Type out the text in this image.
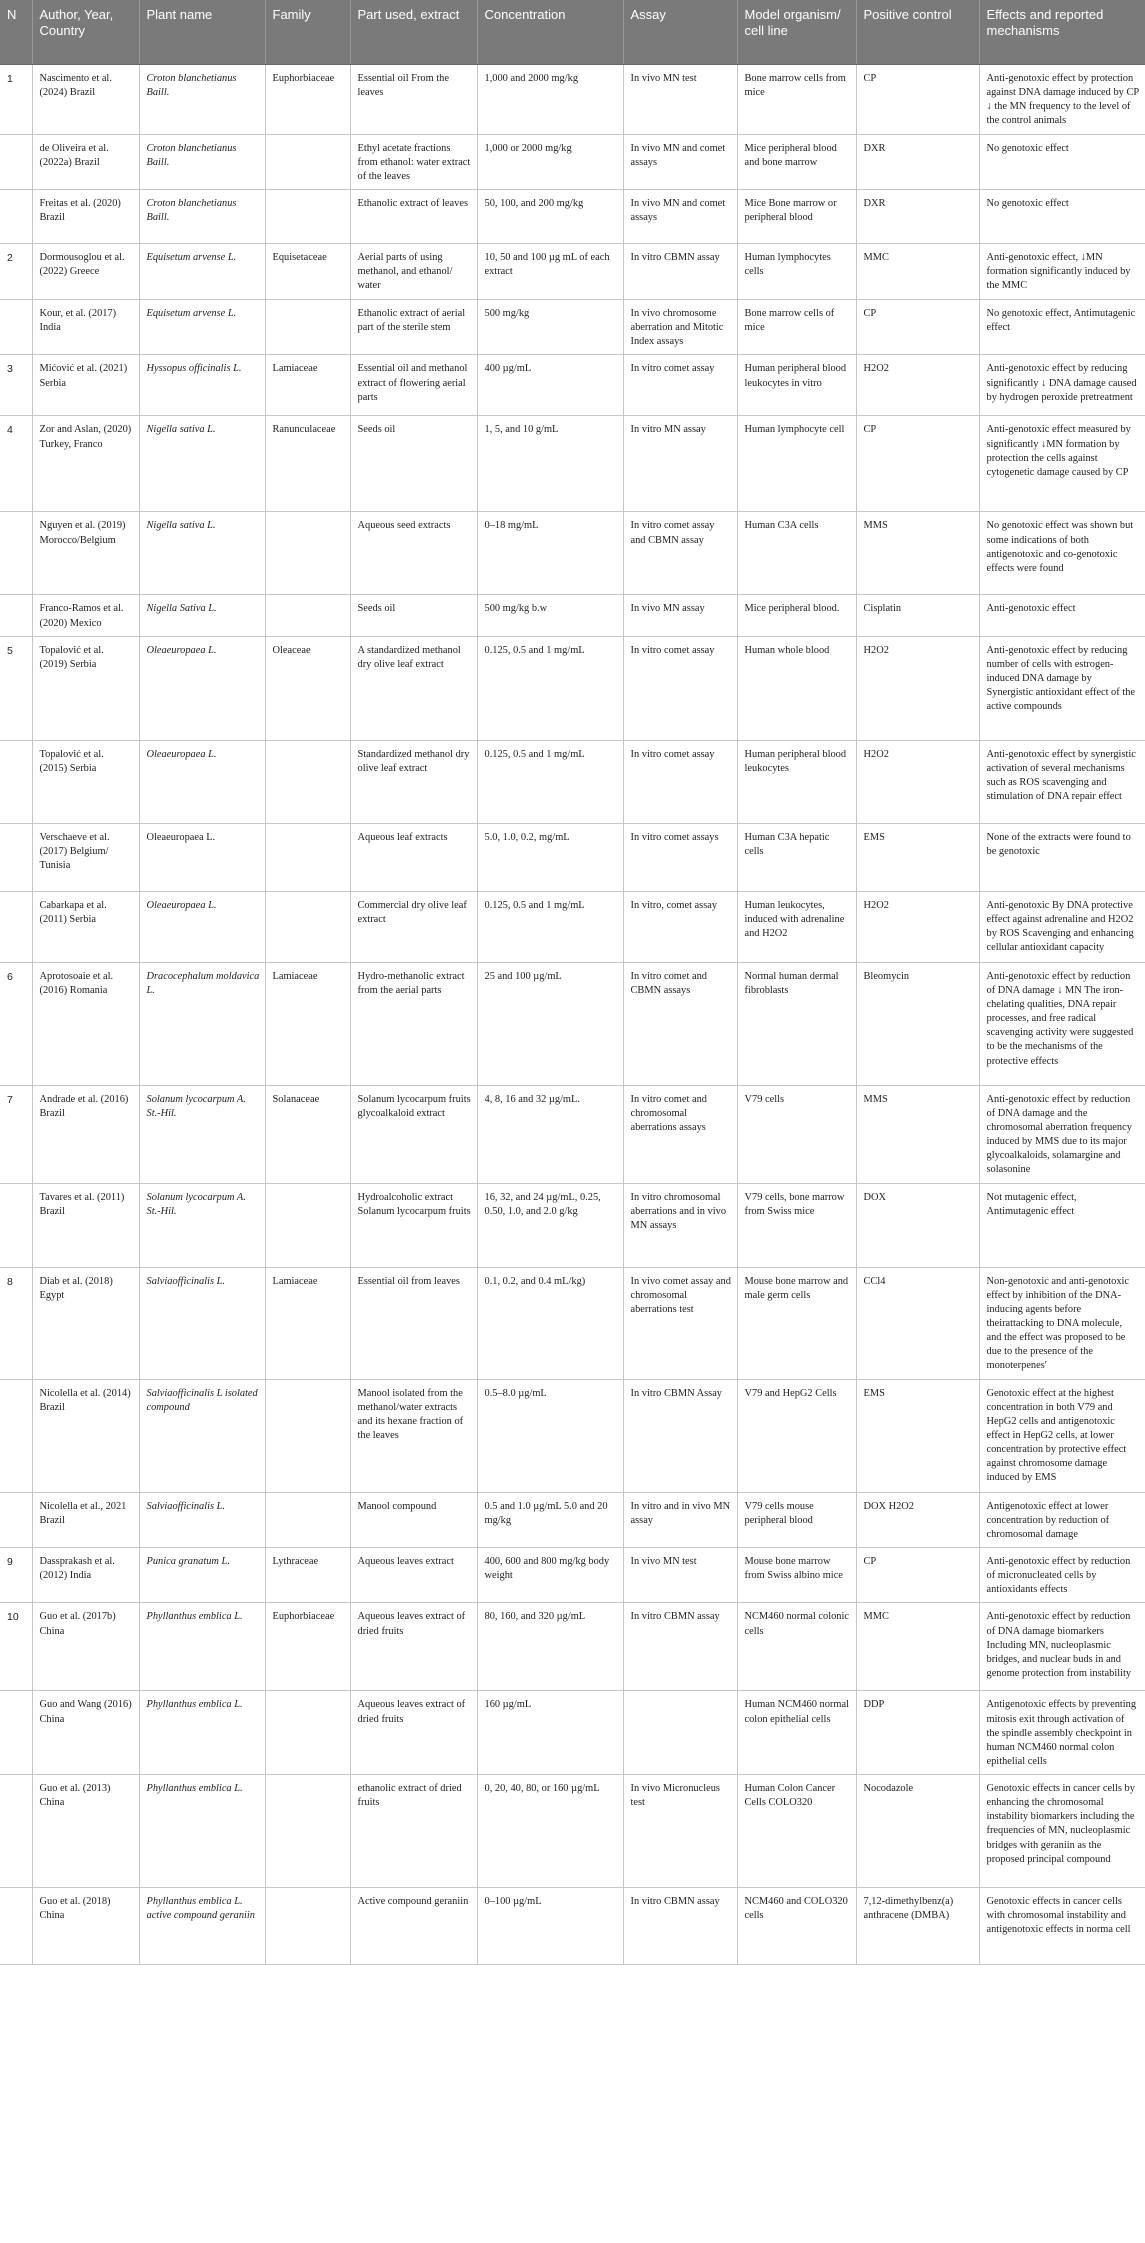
N	Author, Year, Country	Plant name	Family	Part used, extract	Concentration	Assay	Model organism/ cell line	Positive control	Effects and reported mechanisms
1	Nascimento et al. (2024) Brazil	Croton blanchetianus Baill.	Euphorbiaceae	Essential oil From the leaves	1,000 and 2000 mg/kg	In vivo MN test	Bone marrow cells from mice	CP	Anti-genotoxic effect by protection against DNA damage induced by CP ↓ the MN frequency to the level of the control animals
	de Oliveira et al. (2022a) Brazil	Croton blanchetianus Baill.		Ethyl acetate fractions from ethanol: water extract of the leaves	1,000 or 2000 mg/kg	In vivo MN and comet assays	Mice peripheral blood and bone marrow	DXR	No genotoxic effect
	Freitas et al. (2020) Brazil	Croton blanchetianus Baill.		Ethanolic extract of leaves	50, 100, and 200 mg/kg	In vivo MN and comet assays	Mice Bone marrow or peripheral blood	DXR	No genotoxic effect
2	Dormousoglou et al. (2022) Greece	Equisetum arvense L.	Equisetaceae	Aerial parts of using methanol, and ethanol/ water	10, 50 and 100 µg mL of each extract	In vitro CBMN assay	Human lymphocytes cells	MMC	Anti-genotoxic effect, ↓MN formation significantly induced by the MMC
	Kour, et al. (2017) India	Equisetum arvense L.		Ethanolic extract of aerial part of the sterile stem	500 mg/kg	In vivo chromosome aberration and Mitotic Index assays	Bone marrow cells of mice	CP	No genotoxic effect, Antimutagenic effect
3	Mićović et al. (2021) Serbia	Hyssopus officinalis L.	Lamiaceae	Essential oil and methanol extract of flowering aerial parts	400 µg/mL	In vitro comet assay	Human peripheral blood leukocytes in vitro	H2O2	Anti-genotoxic effect by reducing significantly ↓ DNA damage caused by hydrogen peroxide pretreatment
4	Zor and Aslan, (2020) Turkey, Franco	Nigella sativa L.	Ranunculaceae	Seeds oil	1, 5, and 10 g/mL	In vitro MN assay	Human lymphocyte cell	CP	Anti-genotoxic effect measured by significantly ↓MN formation by protection the cells against cytogenetic damage caused by CP
	Nguyen et al. (2019) Morocco/Belgium	Nigella sativa L.		Aqueous seed extracts	0–18 mg/mL	In vitro comet assay and CBMN assay	Human C3A cells	MMS	No genotoxic effect was shown but some indications of both antigenotoxic and co-genotoxic effects were found
	Franco-Ramos et al. (2020) Mexico	Nigella Sativa L.		Seeds oil	500 mg/kg b.w	In vivo MN assay	Mice peripheral blood.	Cisplatin	Anti-genotoxic effect
5	Topalović et al. (2019) Serbia	Oleaeuropaea L.	Oleaceae	A standardized methanol dry olive leaf extract	0.125, 0.5 and 1 mg/mL	In vitro comet assay	Human whole blood	H2O2	Anti-genotoxic effect by reducing number of cells with estrogen-induced DNA damage by Synergistic antioxidant effect of the active compounds
	Topalović et al. (2015) Serbia	Oleaeuropaea L.		Standardized methanol dry olive leaf extract	0.125, 0.5 and 1 mg/mL	In vitro comet assay	Human peripheral blood leukocytes	H2O2	Anti-genotoxic effect by synergistic activation of several mechanisms such as ROS scavenging and stimulation of DNA repair effect
	Verschaeve et al. (2017) Belgium/ Tunisia	Oleaeuropaea L.		Aqueous leaf extracts	5.0, 1.0, 0.2, mg/mL	In vitro comet assays	Human C3A hepatic cells	EMS	None of the extracts were found to be genotoxic
	Cabarkapa et al. (2011) Serbia	Oleaeuropaea L.		Commercial dry olive leaf extract	0.125, 0.5 and 1 mg/mL	In vitro, comet assay	Human leukocytes, induced with adrenaline and H2O2	H2O2	Anti-genotoxic By DNA protective effect against adrenaline and H2O2 by ROS Scavenging and enhancing cellular antioxidant capacity
6	Aprotosoaie et al. (2016) Romania	Dracocephalum moldavica L.	Lamiaceae	Hydro-methanolic extract from the aerial parts	25 and 100 µg/mL	In vitro comet and CBMN assays	Normal human dermal fibroblasts	Bleomycin	Anti-genotoxic effect by reduction of DNA damage ↓ MN The iron-chelating qualities, DNA repair processes, and free radical scavenging activity were suggested to be the mechanisms of the protective effects
7	Andrade et al. (2016) Brazil	Solanum lycocarpum A. St.-Hil.	Solanaceae	Solanum lycocarpum fruits glycoalkaloid extract	4, 8, 16 and 32 µg/mL.	In vitro comet and chromosomal aberrations assays	V79 cells	MMS	Anti-genotoxic effect by reduction of DNA damage and the chromosomal aberration frequency induced by MMS due to its major glycoalkaloids, solamargine and solasonine
	Tavares et al. (2011) Brazil	Solanum lycocarpum A. St.-Hil.		Hydroalcoholic extract Solanum lycocarpum fruits	16, 32, and 24 µg/mL, 0.25, 0.50, 1.0, and 2.0 g/kg	In vitro chromosomal aberrations and in vivo MN assays	V79 cells, bone marrow from Swiss mice	DOX	Not mutagenic effect, Antimutagenic effect
8	Diab et al. (2018) Egypt	Salviaofficinalis L.	Lamiaceae	Essential oil from leaves	0.1, 0.2, and 0.4 mL/kg)	In vivo comet assay and chromosomal aberrations test	Mouse bone marrow and male germ cells	CCl4	Non-genotoxic and anti-genotoxic effect by inhibition of the DNA-inducing agents before theirattacking to DNA molecule, and the effect was proposed to be due to the presence of the monoterpenes'
	Nicolella et al. (2014) Brazil	Salviaofficinalis L isolated compound		Manool isolated from the methanol/water extracts and its hexane fraction of the leaves	0.5–8.0 µg/mL	In vitro CBMN Assay	V79 and HepG2 Cells	EMS	Genotoxic effect at the highest concentration in both V79 and HepG2 cells and antigenotoxic effect in HepG2 cells, at lower concentration by protective effect against chromosome damage induced by EMS
	Nicolella et al., 2021 Brazil	Salviaofficinalis L.		Manool compound	0.5 and 1.0 µg/mL 5.0 and 20 mg/kg	In vitro and in vivo MN assay	V79 cells mouse peripheral blood	DOX H2O2	Antigenotoxic effect at lower concentration by reduction of chromosomal damage
9	Dassprakash et al. (2012) India	Punica granatum L.	Lythraceae	Aqueous leaves extract	400, 600 and 800 mg/kg body weight	In vivo MN test	Mouse bone marrow from Swiss albino mice	CP	Anti-genotoxic effect by reduction of micronucleated cells by antioxidants effects
10	Guo et al. (2017b) China	Phyllanthus emblica L.	Euphorbiaceae	Aqueous leaves extract of dried fruits	80, 160, and 320 µg/mL	In vitro CBMN assay	NCM460 normal colonic cells	MMC	Anti-genotoxic effect by reduction of DNA damage biomarkers Including MN, nucleoplasmic bridges, and nuclear buds in and genome protection from instability
	Guo and Wang (2016) China	Phyllanthus emblica L.		Aqueous leaves extract of dried fruits	160 µg/mL		Human NCM460 normal colon epithelial cells	DDP	Antigenotoxic effects by preventing mitosis exit through activation of the spindle assembly checkpoint in human NCM460 normal colon epithelial cells
	Guo et al. (2013) China	Phyllanthus emblica L.		ethanolic extract of dried fruits	0, 20, 40, 80, or 160 µg/mL	In vivo Micronucleus test	Human Colon Cancer Cells COLO320	Nocodazole	Genotoxic effects in cancer cells by enhancing the chromosomal instability biomarkers including the frequencies of MN, nucleoplasmic bridges with geraniin as the proposed principal compound
	Guo et al. (2018) China	Phyllanthus emblica L. active compound geraniin		Active compound geraniin	0–100 µg/mL	In vitro CBMN assay	NCM460 and COLO320 cells	7,12-dimethylbenz(a) anthracene (DMBA)	Genotoxic effects in cancer cells with chromosomal instability and antigenotoxic effects in norma cell
